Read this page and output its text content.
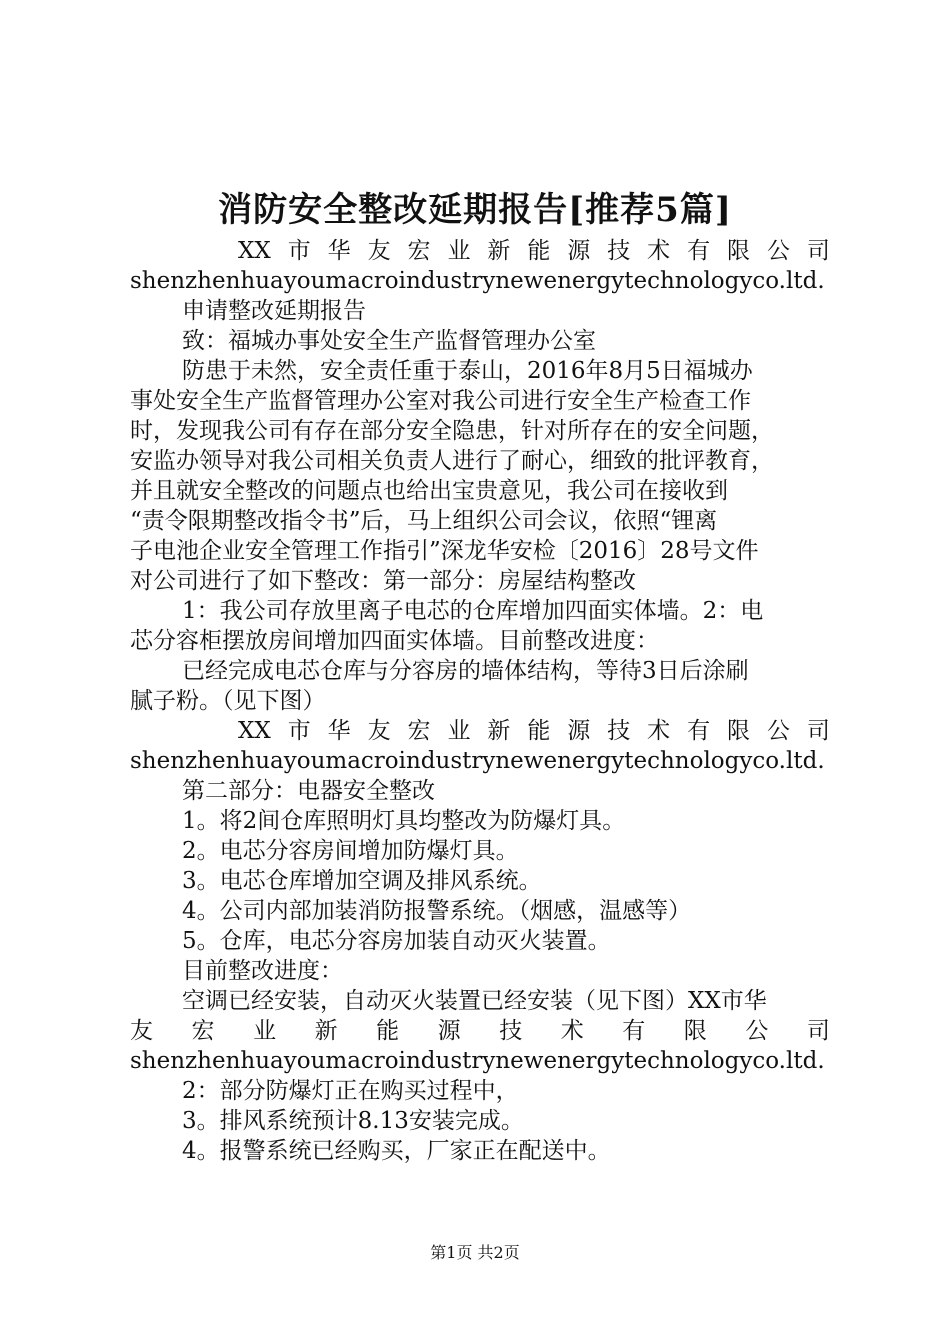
消防安全整改延期报告[推荐5篇]
XX 市 华 友 宏 业 新 能 源 技 术 有 限 公 司
shenzhenhuayoumacroindustrynewenergytechnologyco.ltd.
申请整改延期报告
致：福城办事处安全生产监督管理办公室
防患于未然，安全责任重于泰山，2016年8月5日福城办
事处安全生产监督管理办公室对我公司进行安全生产检查工作
时，发现我公司有存在部分安全隐患，针对所存在的安全问题，
安监办领导对我公司相关负责人进行了耐心，细致的批评教育，
并且就安全整改的问题点也给出宝贵意见，我公司在接收到
“责令限期整改指令书”后，马上组织公司会议，依照“锂离
子电池企业安全管理工作指引”深龙华安检〔2016〕28号文件
对公司进行了如下整改：第一部分：房屋结构整改
1：我公司存放里离子电芯的仓库增加四面实体墙。2：电
芯分容柜摆放房间增加四面实体墙。目前整改进度：
已经完成电芯仓库与分容房的墙体结构，等待3日后涂刷
腻子粉。（见下图）
XX 市 华 友 宏 业 新 能 源 技 术 有 限 公 司
shenzhenhuayoumacroindustrynewenergytechnologyco.ltd.
第二部分：电器安全整改
1。将2间仓库照明灯具均整改为防爆灯具。
2。电芯分容房间增加防爆灯具。
3。电芯仓库增加空调及排风系统。
4。公司内部加装消防报警系统。（烟感，温感等）
5。仓库，电芯分容房加装自动灭火装置。
目前整改进度：
空调已经安装，自动灭火装置已经安装（见下图）XX市华
友 宏 业 新 能 源 技 术 有 限 公 司
shenzhenhuayoumacroindustrynewenergytechnologyco.ltd.
2：部分防爆灯正在购买过程中，
3。排风系统预计8.13安装完成。
4。报警系统已经购买，厂家正在配送中。
第1页 共2页
